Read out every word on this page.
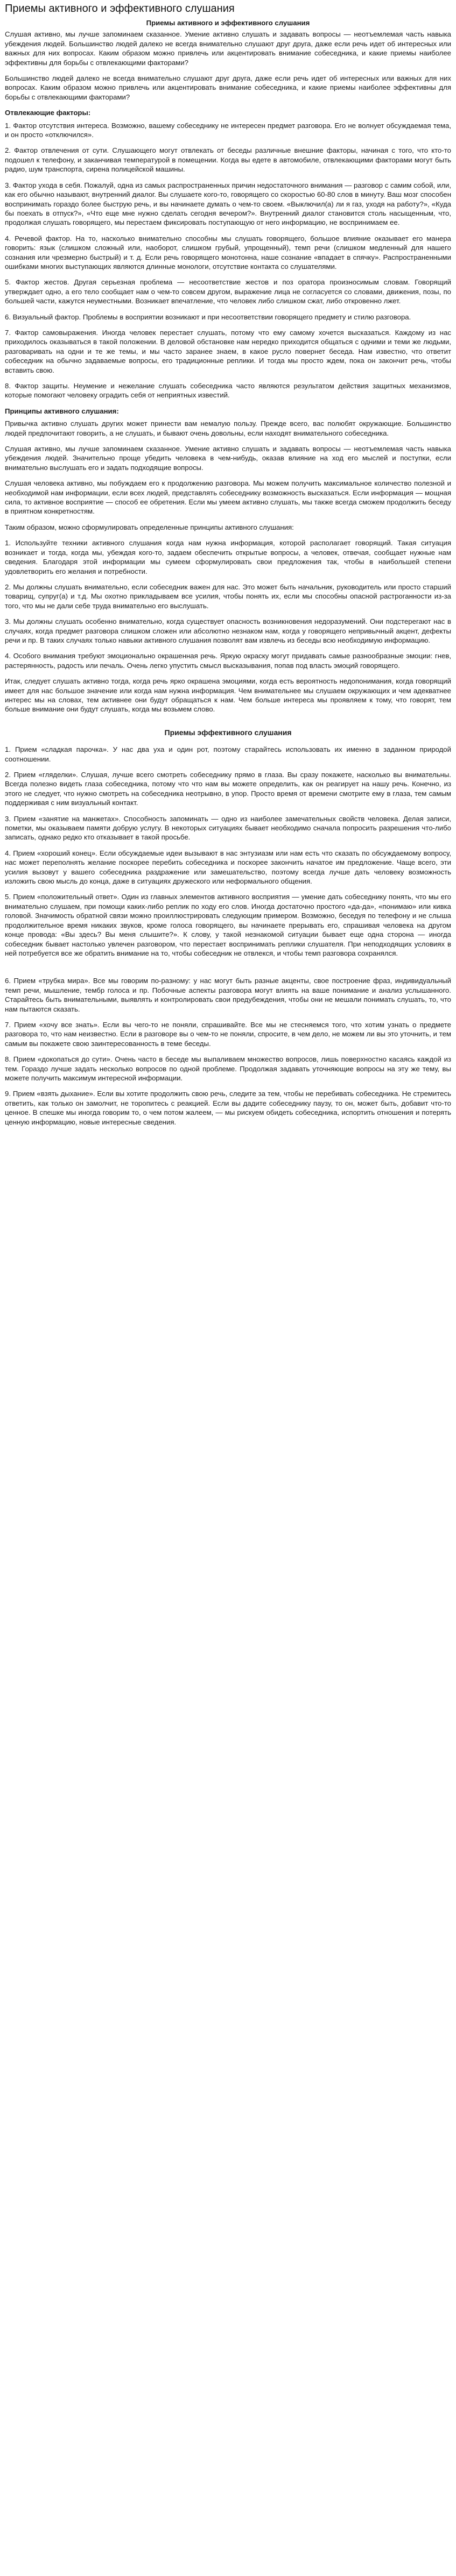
Приемы активного и эффективного слушания
Приемы активного и эффективного слушания

Слушая активно, мы лучше запоминаем сказанное. Умение активно слушать и задавать вопросы — неотъемлемая часть навыка убеждения людей. Большинство людей далеко не всегда внимательно слушают друг друга, даже если речь идет об интересных или важных для них вопросах. Каким образом можно привлечь или акцентировать внимание собеседника, и какие приемы наиболее эффективны для борьбы с отвлекающими факторами?

Большинство людей далеко не всегда внимательно слушают друг друга, даже если речь идет об интересных или важных для них вопросах. Каким образом можно привлечь или акцентировать внимание собеседника, и какие приемы наиболее эффективны для борьбы с отвлекающими факторами?

Отвлекающие факторы:

1. Фактор отсутствия интереса. Возможно, вашему собеседнику не интересен предмет разговора. Его не волнует обсуждаемая тема, и он просто «отключился».

2. Фактор отвлечения от сути. Слушающего могут отвлекать от беседы различные внешние факторы, начиная с того, что кто-то подошел к телефону, и заканчивая температурой в помещении. Когда вы едете в автомобиле, отвлекающими факторами могут быть радио, шум транспорта, сирена полицейской машины.

3. Фактор ухода в себя. Пожалуй, одна из самых распространенных причин недостаточного внимания — разговор с самим собой, или, как его обычно называют, внутренний диалог. Вы слушаете кого-то, говорящего со скоростью 60-80 слов в минуту. Ваш мозг способен воспринимать гораздо более быструю речь, и вы начинаете думать о чем-то своем. «Выключил(а) ли я газ, уходя на работу?», «Куда бы поехать в отпуск?», «Что еще мне нужно сделать сегодня вечером?». Внутренний диалог становится столь насыщенным, что, продолжая слушать говорящего, мы перестаем фиксировать поступающую от него информацию, не воспринимаем ее.

4. Речевой фактор. На то, насколько внимательно способны мы слушать говорящего, большое влияние оказывает его манера говорить: язык (слишком сложный или, наоборот, слишком грубый, упрощенный), темп речи (слишком медленный для нашего сознания или чрезмерно быстрый) и т. д. Если речь говорящего монотонна, наше сознание «впадает в спячку». Распространенными ошибками многих выступающих являются длинные монологи, отсутствие контакта со слушателями.

5. Фактор жестов. Другая серьезная проблема — несоответствие жестов и поз оратора произносимым словам. Говорящий утверждает одно, а его тело сообщает нам о чем-то совсем другом, выражение лица не согласуется со словами, движения, позы, по большей части, кажутся неуместными. Возникает впечатление, что человек либо слишком сжат, либо откровенно лжет.

6. Визуальный фактор. Проблемы в восприятии возникают и при несоответствии говорящего предмету и стилю разговора.

7. Фактор самовыражения. Иногда человек перестает слушать, потому что ему самому хочется высказаться. Каждому из нас приходилось оказываться в такой положении. В деловой обстановке нам нередко приходится общаться с одними и теми же людьми, разговаривать на одни и те же темы, и мы часто заранее знаем, в какое русло повернет беседа. Нам известно, что ответит собеседник на обычно задаваемые вопросы, его традиционные реплики. И тогда мы просто ждем, пока он закончит речь, чтобы вставить свою.

8. Фактор защиты. Неумение и нежелание слушать собеседника часто являются результатом действия защитных механизмов, которые помогают человеку оградить себя от неприятных известий.

Принципы активного слушания:

Привычка активно слушать других может принести вам немалую пользу. Прежде всего, вас полюбят окружающие. Большинство людей предпочитают говорить, а не слушать, и бывают очень довольны, если находят внимательного собеседника.

Слушая активно, мы лучше запоминаем сказанное. Умение активно слушать и задавать вопросы — неотъемлемая часть навыка убеждения людей. Значительно проще убедить человека в чем-нибудь, оказав влияние на ход его мыслей и поступки, если внимательно выслушать его и задать подходящие вопросы.

Слушая человека активно, мы побуждаем его к продолжению разговора. Мы можем получить максимальное количество полезной и необходимой нам информации, если всех людей, представлять собеседнику возможность высказаться. Если информация — мощная сила, то активное восприятие — способ ее обретения. Если мы умеем активно слушать, мы также всегда сможем продолжить беседу в приятном конкретностям.

Таким образом, можно сформулировать определенные принципы активного слушания:

1. Используйте техники активного слушания когда нам нужна информация, которой располагает говорящий. Такая ситуация возникает и тогда, когда мы, убеждая кого-то, задаем обеспечить открытые вопросы, а человек, отвечая, сообщает нужные нам сведения. Благодаря этой информации мы сумеем сформулировать свои предложения так, чтобы в наибольшей степени удовлетворить его желания и потребности.

2. Мы должны слушать внимательно, если собеседник важен для нас. Это может быть начальник, руководитель или просто старший товарищ, супруг(а) и т.д. Мы охотно прикладываем все усилия, чтобы понять их, если мы способны опасной растроганности из-за того, что мы не дали себе труда внимательно его выслушать.

3. Мы должны слушать особенно внимательно, когда существует опасность возникновения недоразумений. Они подстерегают нас в случаях, когда предмет разговора слишком сложен или абсолютно незнаком нам, когда у говорящего непривычный акцент, дефекты речи и пр. В таких случаях только навыки активного слушания позволят вам извлечь из беседы всю необходимую информацию.

4. Особого внимания требуют эмоционально окрашенная речь. Яркую окраску могут придавать самые разнообразные эмоции: гнев, растерянность, радость или печаль. Очень легко упустить смысл высказывания, попав под власть эмоций говорящего.

Итак, следует слушать активно тогда, когда речь ярко окрашена эмоциями, когда есть вероятность недопонимания, когда говорящий имеет для нас большое значение или когда нам нужна информация. Чем внимательнее мы слушаем окружающих и чем адекватнее интерес мы на словах, тем активнее они будут обращаться к нам. Чем больше интереса мы проявляем к тому, что говорят, тем больше внимание они будут слушать, когда мы возьмем слово.

Приемы эффективного слушания

1. Прием «сладкая парочка». У нас два уха и один рот, поэтому старайтесь использовать их именно в заданном природой соотношении.

2. Прием «гляделки». Слушая, лучше всего смотреть собеседнику прямо в глаза. Вы сразу покажете, насколько вы внимательны. Всегда полезно видеть глаза собеседника, потому что что нам вы можете определить, как он реагирует на нашу речь. Конечно, из этого не следует, что нужно смотреть на собеседника неотрывно, в упор. Просто время от времени смотрите ему в глаза, тем самым поддерживая с ним визуальный контакт.

3. Прием «занятие на манжетах». Способность запоминать — одно из наиболее замечательных свойств человека. Делая записи, пометки, мы оказываем памяти добрую услугу. В некоторых ситуациях бывает необходимо сначала попросить разрешения что-либо записать, однако редко кто отказывает в такой просьбе.

4. Прием «хороший конец». Если обсуждаемые идеи вызывают в нас энтузиазм или нам есть что сказать по обсуждаемому вопросу, нас может переполнять желание поскорее перебить собеседника и поскорее закончить начатое им предложение. Чаще всего, эти усилия вызовут у вашего собеседника раздражение или замешательство, поэтому всегда лучше дать человеку возможность изложить свою мысль до конца, даже в ситуациях дружеского или неформального общения.

5. Прием «положительный ответ». Один из главных элементов активного восприятия — умение дать собеседнику понять, что мы его внимательно слушаем, при помощи каких-либо реплик по ходу его слов. Иногда достаточно простого «да-да», «понимаю» или кивка головой. Значимость обратной связи можно проиллюстрировать следующим примером. Возможно, беседуя по телефону и не слыша продолжительное время никаких звуков, кроме голоса говорящего, вы начинаете прерывать его, спрашивая человека на другом конце провода: «Вы здесь? Вы меня слышите?». К слову, у такой незнакомой ситуации бывает еще одна сторона — иногда собеседник бывает настолько увлечен разговором, что перестает воспринимать реплики слушателя. При неподходящих условиях в ней потребуется все же обратить внимание на то, чтобы собеседник не отвлекся, и чтобы темп разговора сохранялся.

6. Прием «трубка мира». Все мы говорим по-разному: у нас могут быть разные акценты, свое построение фраз, индивидуальный темп речи, мышление, тембр голоса и пр. Побочные аспекты разговора могут влиять на ваше понимание и анализ услышанного. Старайтесь быть внимательными, выявлять и контролировать свои предубеждения, чтобы они не мешали понимать слушать, то, что нам пытаются сказать.

7. Прием «хочу все знать». Если вы чего-то не поняли, спрашивайте. Все мы не стесняемся того, что хотим узнать о предмете разговора то, что нам неизвестно. Если в разговоре вы о чем-то не поняли, спросите, в чем дело, не можем ли вы это уточнить, и тем самым вы покажете свою заинтересованность в теме беседы.

8. Прием «докопаться до сути». Очень часто в беседе мы выпаливаем множество вопросов, лишь поверхностно касаясь каждой из тем. Гораздо лучше задать несколько вопросов по одной проблеме. Продолжая задавать уточняющие вопросы на эту же тему, вы можете получить максимум интересной информации.

9. Прием «взять дыхание». Если вы хотите продолжить свою речь, следите за тем, чтобы не перебивать собеседника. Не стремитесь ответить, как только он замолчит, не торопитесь с реакцией. Если вы дадите собеседнику паузу, то он, может быть, добавит что-то ценное. В спешке мы иногда говорим то, о чем потом жалеем, — мы рискуем обидеть собеседника, испортить отношения и потерять ценную информацию, новые интересные сведения.
